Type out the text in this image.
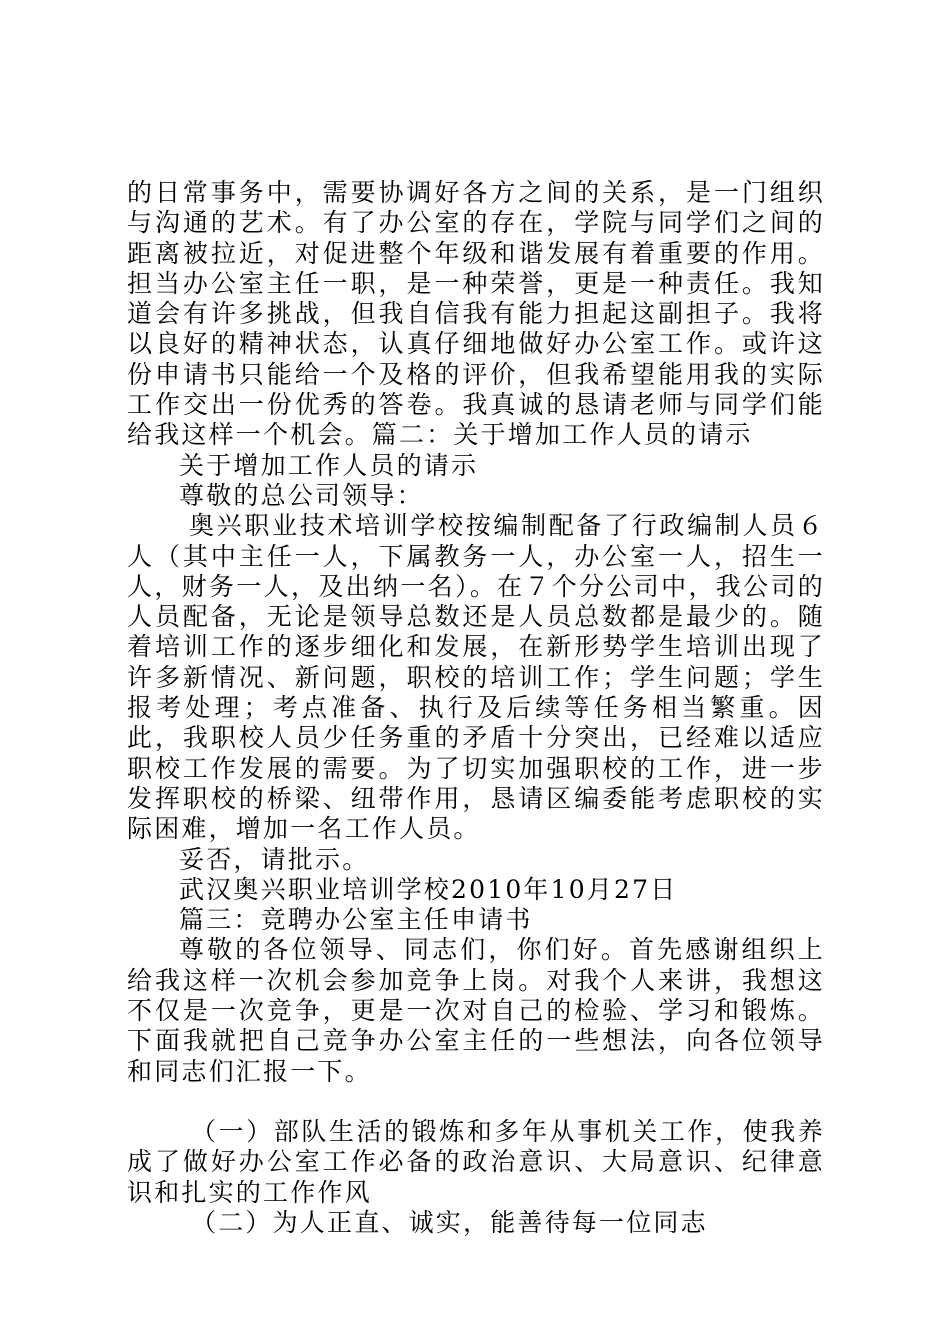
的日常事务中，需要协调好各方之间的关系，是一门组织与沟通的艺术。有了办公室的存在，学院与同学们之间的距离被拉近，对促进整个年级和谐发展有着重要的作用。担当办公室主任一职，是一种荣誉，更是一种责任。我知道会有许多挑战，但我自信我有能力担起这副担子。我将以良好的精神状态，认真仔细地做好办公室工作。或许这份申请书只能给一个及格的评价，但我希望能用我的实际工作交出一份优秀的答卷。我真诚的恳请老师与同学们能给我这样一个机会。篇二：关于增加工作人员的请示

关于增加工作人员的请示

尊敬的总公司领导：

奥兴职业技术培训学校按编制配备了行政编制人员６人（其中主任一人，下属教务一人，办公室一人，招生一人，财务一人，及出纳一名）。在７个分公司中，我公司的人员配备，无论是领导总数还是人员总数都是最少的。随着培训工作的逐步细化和发展，在新形势学生培训出现了许多新情况、新问题，职校的培训工作；学生问题；学生报考处理；考点准备、执行及后续等任务相当繁重。因此，我职校人员少任务重的矛盾十分突出，已经难以适应职校工作发展的需要。为了切实加强职校的工作，进一步发挥职校的桥梁、纽带作用，恳请区编委能考虑职校的实际困难，增加一名工作人员。

妥否，请批示。

武汉奥兴职业培训学校2010年10月27日

篇三：竞聘办公室主任申请书

尊敬的各位领导、同志们，你们好。首先感谢组织上给我这样一次机会参加竞争上岗。对我个人来讲，我想这不仅是一次竞争，更是一次对自己的检验、学习和锻炼。下面我就把自己竞争办公室主任的一些想法，向各位领导和同志们汇报一下。

（一）部队生活的锻炼和多年从事机关工作，使我养成了做好办公室工作必备的政治意识、大局意识、纪律意识和扎实的工作作风

（二）为人正直、诚实，能善待每一位同志
